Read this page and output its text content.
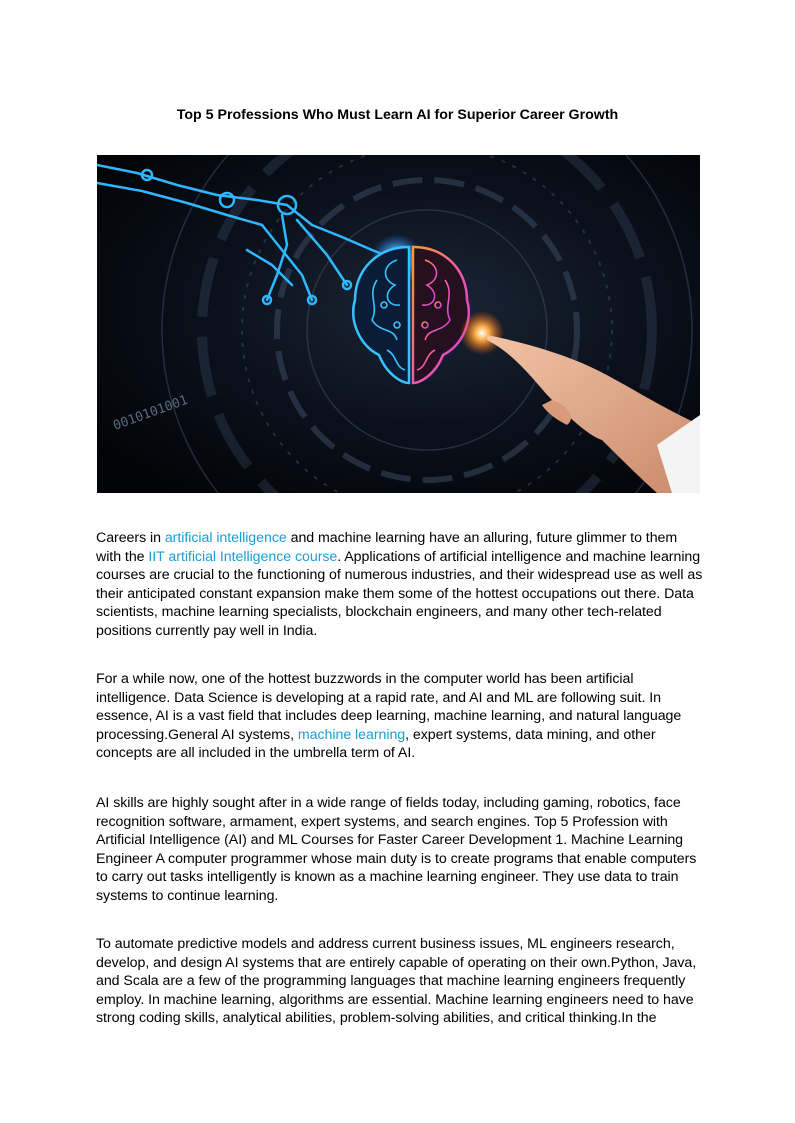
Top 5 Professions Who Must Learn AI for Superior Career Growth
0010101001

Careers in artificial intelligence and machine learning have an alluring, future glimmer to them with the IIT artificial Intelligence course. Applications of artificial intelligence and machine learning courses are crucial to the functioning of numerous industries, and their widespread use as well as their anticipated constant expansion make them some of the hottest occupations out there. Data scientists, machine learning specialists, blockchain engineers, and many other tech-related positions currently pay well in India.

For a while now, one of the hottest buzzwords in the computer world has been artificial intelligence. Data Science is developing at a rapid rate, and AI and ML are following suit. In essence, AI is a vast field that includes deep learning, machine learning, and natural language processing.General AI systems, machine learning, expert systems, data mining, and other concepts are all included in the umbrella term of AI.

AI skills are highly sought after in a wide range of fields today, including gaming, robotics, face recognition software, armament, expert systems, and search engines. Top 5 Profession with Artificial Intelligence (AI) and ML Courses for Faster Career Development 1. Machine Learning Engineer A computer programmer whose main duty is to create programs that enable computers to carry out tasks intelligently is known as a machine learning engineer. They use data to train systems to continue learning.

To automate predictive models and address current business issues, ML engineers research, develop, and design AI systems that are entirely capable of operating on their own.Python, Java, and Scala are a few of the programming languages that machine learning engineers frequently employ. In machine learning, algorithms are essential. Machine learning engineers need to have strong coding skills, analytical abilities, problem-solving abilities, and critical thinking.In the
